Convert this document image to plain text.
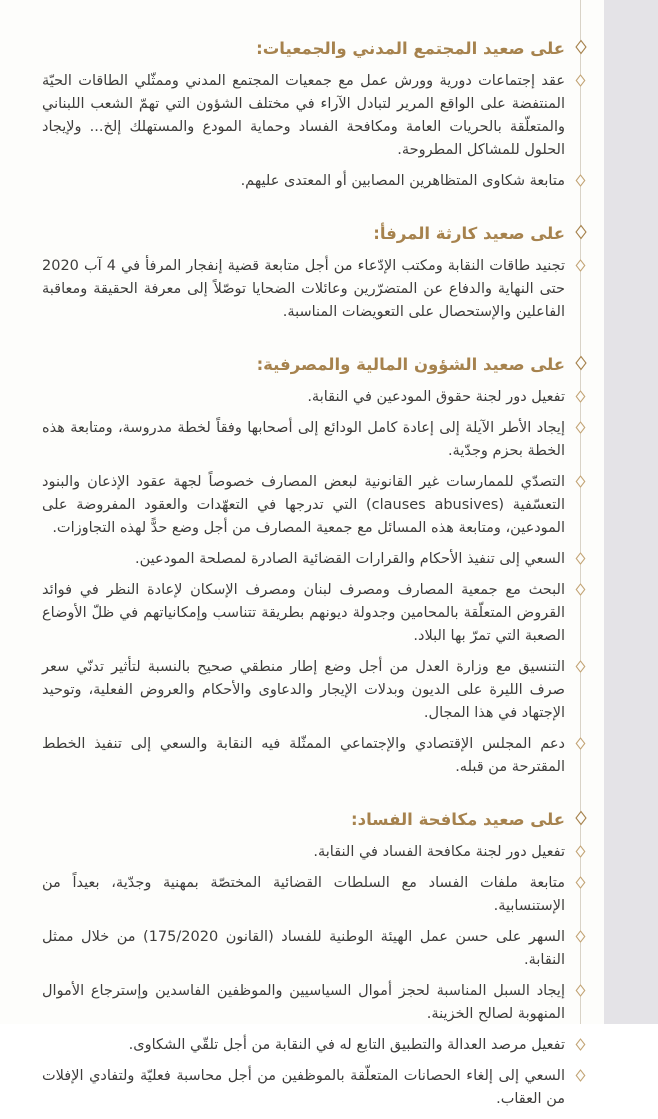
على صعيد المجتمع المدني والجمعيات:

عقد إجتماعات دورية وورش عمل مع جمعيات المجتمع المدني وممثّلي الطاقات الحيّة المنتفضة على الواقع المرير لتبادل الآراء في مختلف الشؤون التي تهمّ الشعب اللبناني والمتعلّقة بالحريات العامة ومكافحة الفساد وحماية المودع والمستهلك إلخ... ولإيجاد الحلول للمشاكل المطروحة.

متابعة شكاوى المتظاهرين المصابين أو المعتدى عليهم.

على صعيد كارثة المرفأ:

تجنيد طاقات النقابة ومكتب الإدّعاء من أجل متابعة قضية إنفجار المرفأ في 4 آب 2020 حتى النهاية والدفاع عن المتضرّرين وعائلات الضحايا توصّلاً إلى معرفة الحقيقة ومعاقبة الفاعلين والإستحصال على التعويضات المناسبة.

على صعيد الشؤون المالية والمصرفية:

تفعيل دور لجنة حقوق المودعين في النقابة.

إيجاد الأطر الآيلة إلى إعادة كامل الودائع إلى أصحابها وفقاً لخطة مدروسة، ومتابعة هذه الخطة بحزم وجدّية.

التصدّي للممارسات غير القانونية لبعض المصارف خصوصاً لجهة عقود الإذعان والبنود التعسّفية (clauses abusives) التي تدرجها في التعهّدات والعقود المفروضة على المودعين، ومتابعة هذه المسائل مع جمعية المصارف من أجل وضع حدًّ لهذه التجاوزات.

السعي إلى تنفيذ الأحكام والقرارات القضائية الصادرة لمصلحة المودعين.

البحث مع جمعية المصارف ومصرف لبنان ومصرف الإسكان لإعادة النظر في فوائد القروض المتعلّقة بالمحامين وجدولة ديونهم بطريقة تتناسب وإمكانياتهم في ظلّ الأوضاع الصعبة التي تمرّ بها البلاد.

التنسيق مع وزارة العدل من أجل وضع إطار منطقي صحيح بالنسبة لتأثير تدنّي سعر صرف الليرة على الديون وبدلات الإيجار والدعاوى والأحكام والعروض الفعلية، وتوحيد الإجتهاد في هذا المجال.

دعم المجلس الإقتصادي والإجتماعي الممثّلة فيه النقابة والسعي إلى تنفيذ الخطط المقترحة من قبله.

على صعيد مكافحة الفساد:

تفعيل دور لجنة مكافحة الفساد في النقابة.

متابعة ملفات الفساد مع السلطات القضائية المختصّة بمهنية وجدّية، بعيداً من الإستنسابية.

السهر على حسن عمل الهيئة الوطنية للفساد (القانون 175/2020) من خلال ممثل النقابة.

إيجاد السبل المناسبة لحجز أموال السياسيين والموظفين الفاسدين وإسترجاع الأموال المنهوبة لصالح الخزينة.

تفعيل مرصد العدالة والتطبيق التابع له في النقابة من أجل تلقّي الشكاوى.

السعي إلى إلغاء الحصانات المتعلّقة بالموظفين من أجل محاسبة فعليّة ولتفادي الإفلات من العقاب.
